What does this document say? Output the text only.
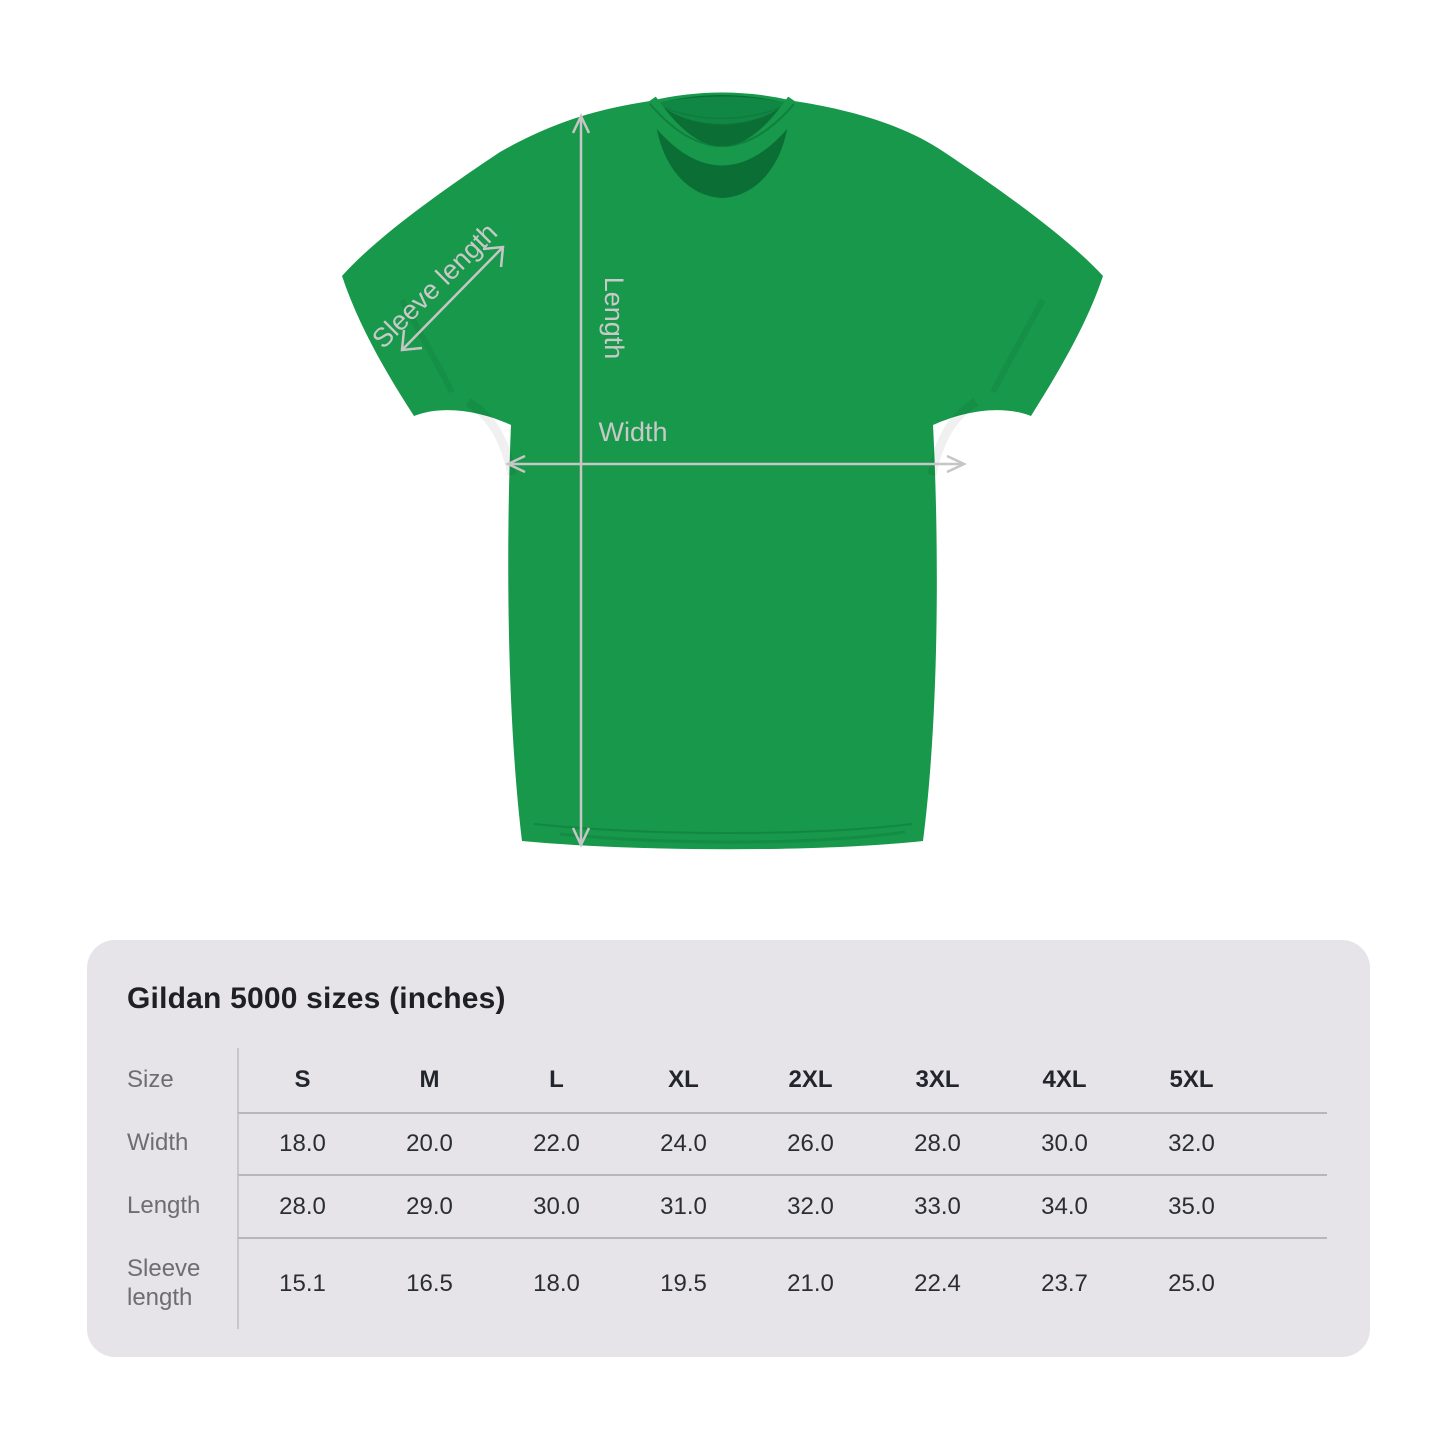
Length
Width
Sleeve length
Gildan 5000 sizes (inches)
Size	S	M	L	XL	2XL	3XL	4XL	5XL
Width	18.0	20.0	22.0	24.0	26.0	28.0	30.0	32.0
Length	28.0	29.0	30.0	31.0	32.0	33.0	34.0	35.0
Sleeve length
15.1	16.5	18.0	19.5	21.0	22.4	23.7	25.0
